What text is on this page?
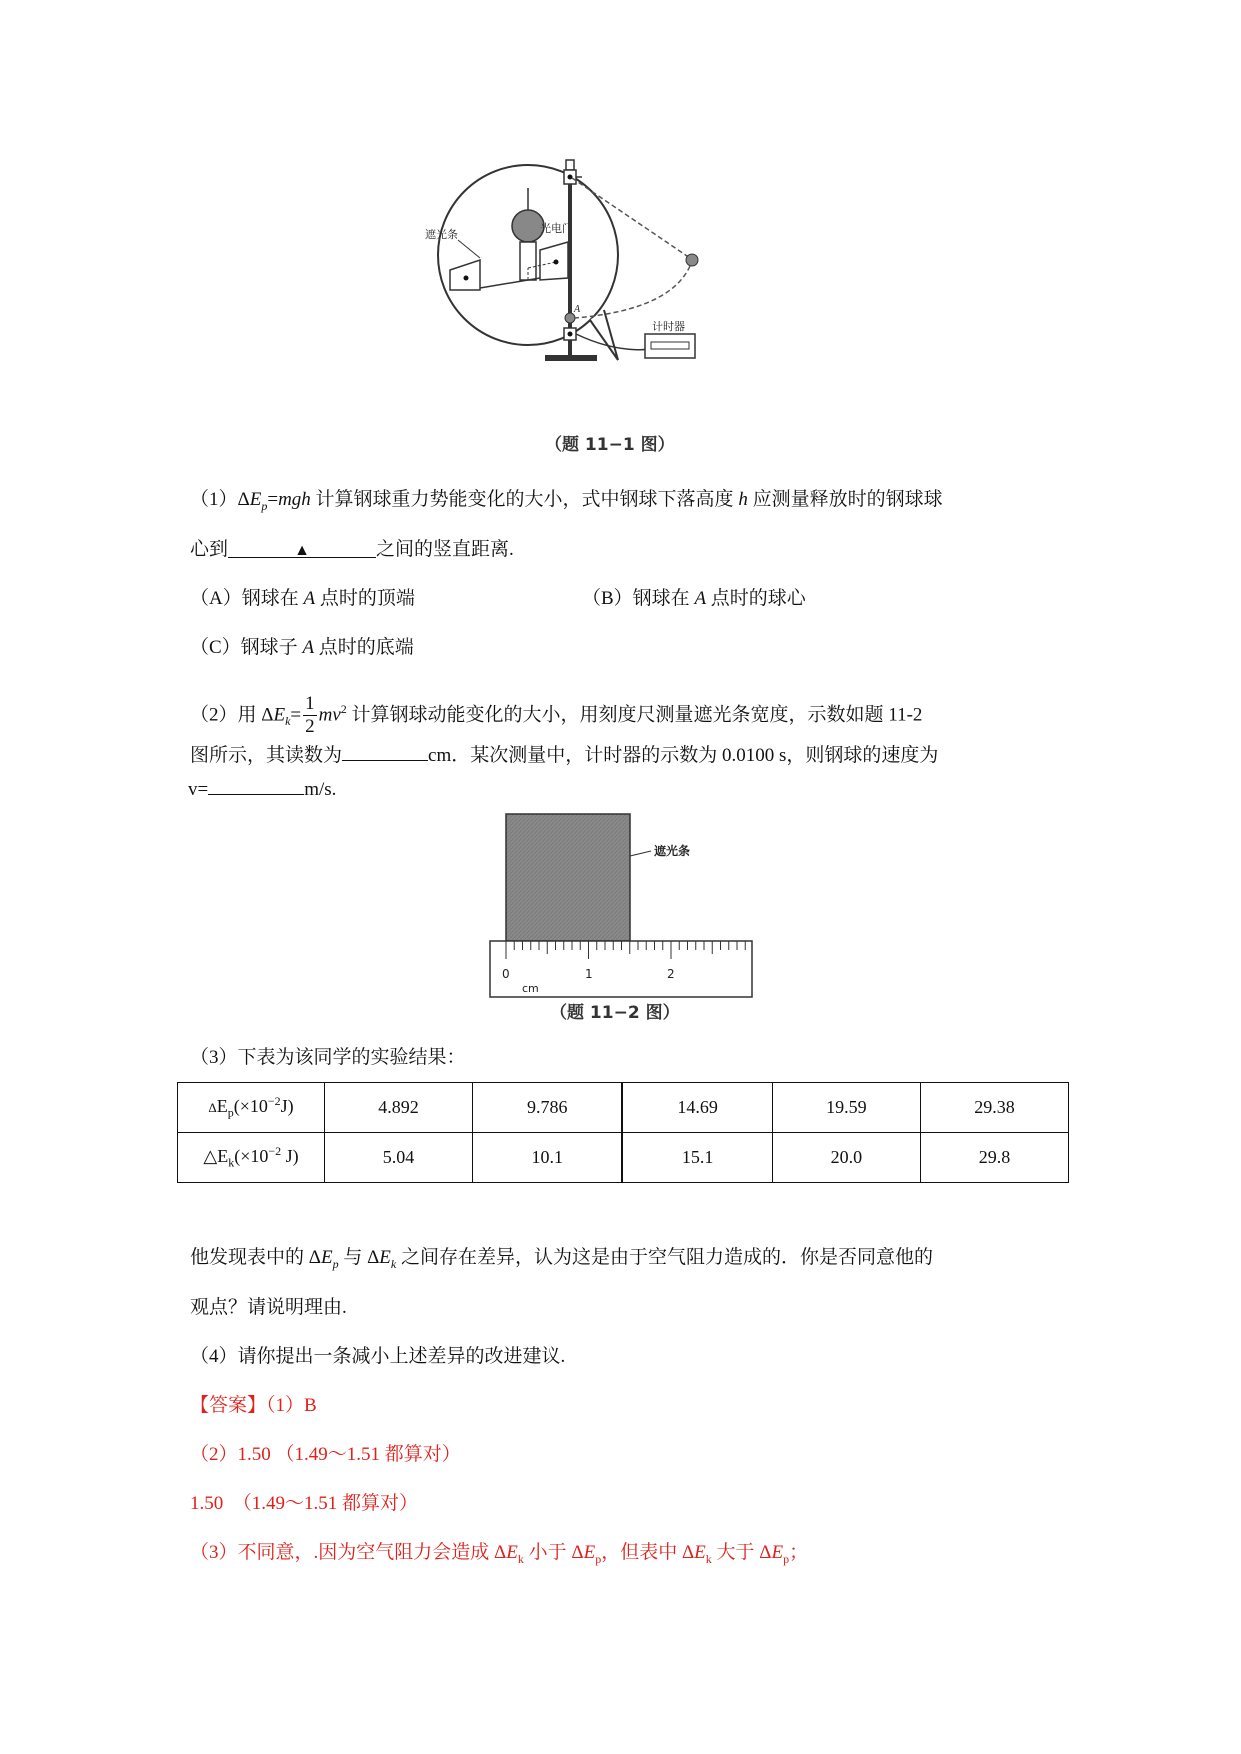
遮光条	光电门
A
计时器
（题 11−1 图）
$(1)\Delta E_p=mgh$ 计算钢球重力势能变化的大小，式中钢球下落高度 h 应测量释放时的钢球球
心到	▲	之间的竖直距离.
（A）钢球在 A 点时的顶端	（B）钢球在 A 点时的球心
（C）钢球子 A 点时的底端
（2）用 $\Delta E_k= \frac{1}{2} mv^2$ 计算钢球动能变化的大小，用刻度尺测量遮光条宽度，示数如题 11-2
图所示，其读数为	cm．某次测量中，计时器的示数为 0.0100 s，则钢球的速度为
v=	m/s.
遮光条
0	1	2
cm
（题 11−2 图）
（3）下表为该同学的实验结果：
$\Delta E_p(\times 10^{-2}J)$	4.892	9.786	14.69	19.59	29.38
$\triangle E_k(\times 10^{-2}$ J)	5.04	10.1	15.1	20.0	29.8
他发现表中的 $\Delta E_p$ 与 $\Delta E_k$ 之间存在差异，认为这是由于空气阻力造成的．你是否同意他的
观点？请说明理由.
（4）请你提出一条减小上述差异的改进建议.
【答案】（1）B
（2）1.50 （1.49～1.51 都算对）
1.50　（1.49～1.51 都算对）
（3）不同意，.因为空气阻力会造成 $\Delta E_k$ 小于 $\Delta E_p$，但表中 $\Delta E_k$ 大于 $\Delta E_p$；
